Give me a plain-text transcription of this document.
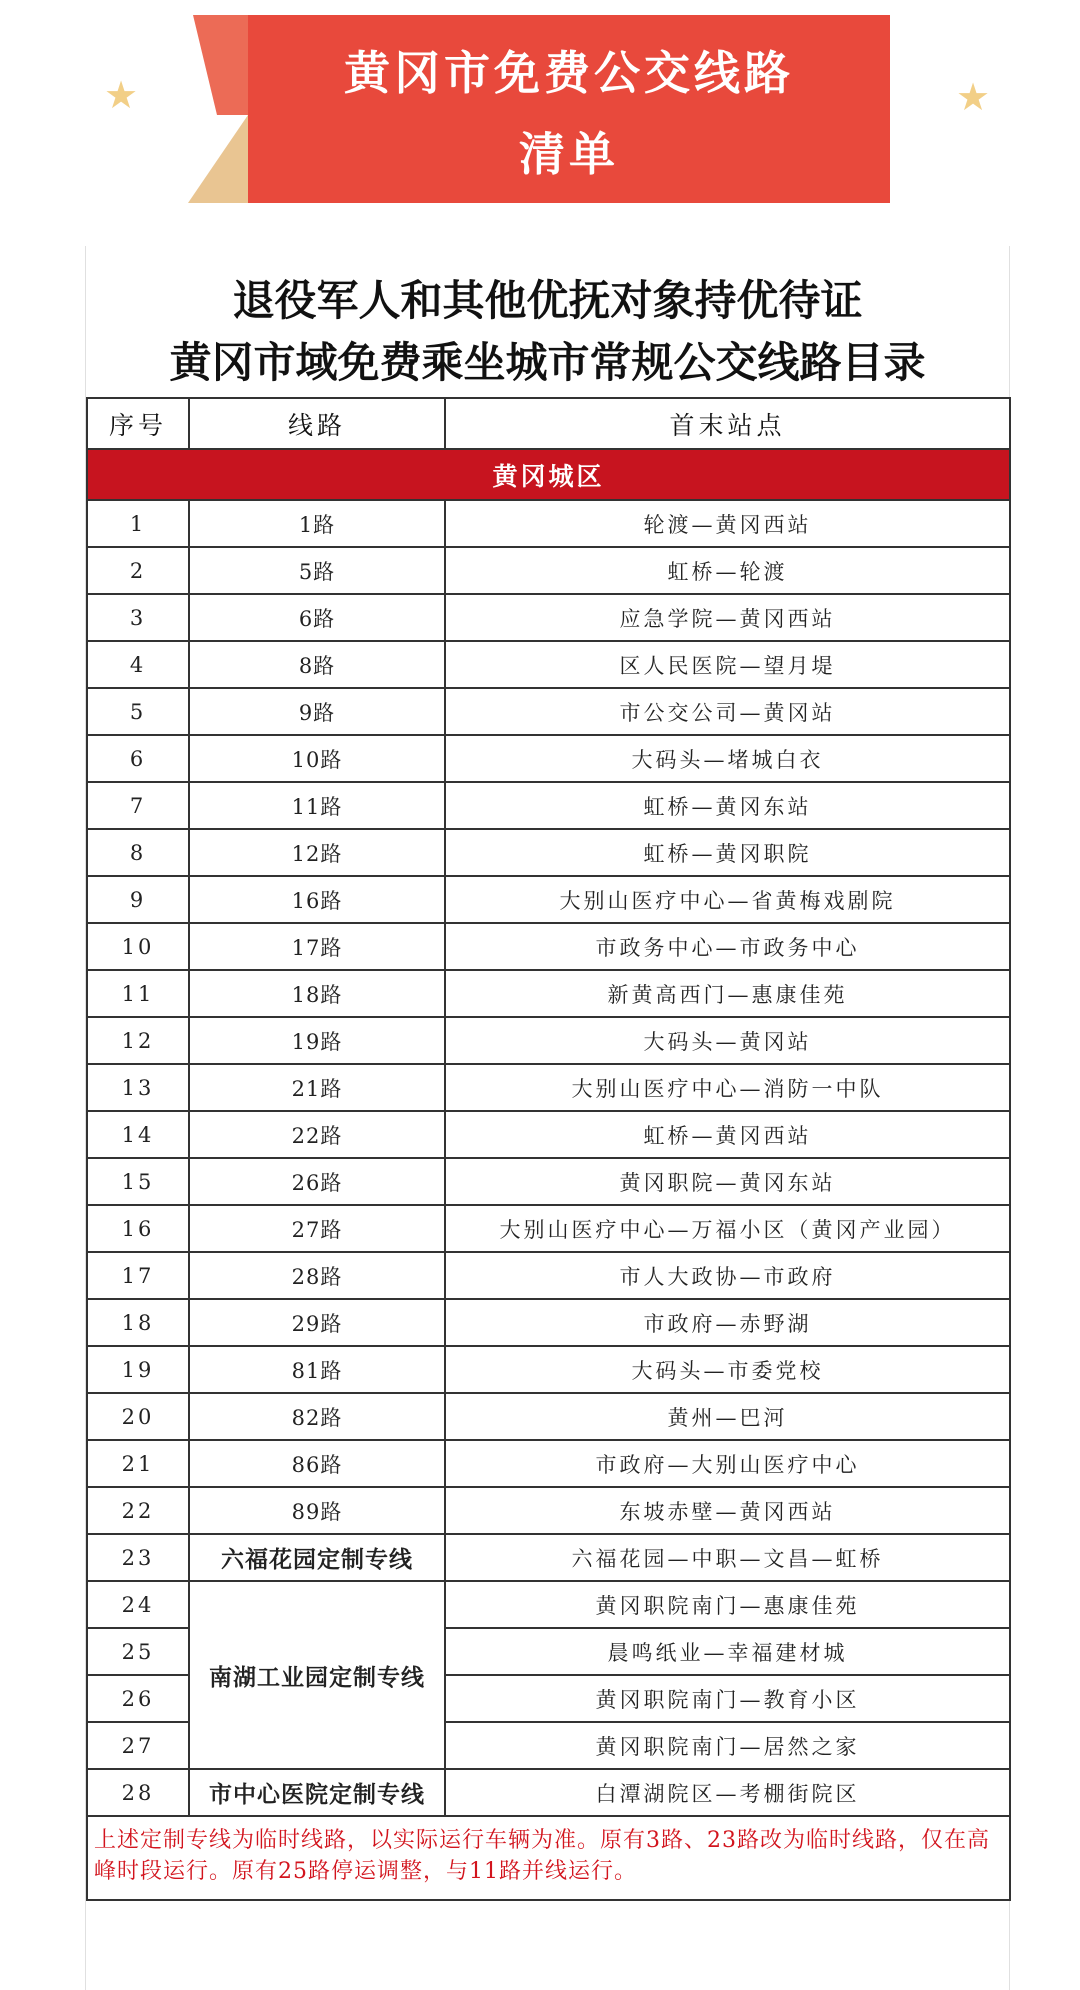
黄冈市免费公交线路
清单
★	★
退役军人和其他优抚对象持优待证
黄冈市域免费乘坐城市常规公交线路目录
序号	线路	首末站点
黄冈城区		
1	1路	轮渡—黄冈西站
2	5路	虹桥—轮渡
3	6路	应急学院—黄冈西站
4	8路	区人民医院—望月堤
5	9路	市公交公司—黄冈站
6	10路	大码头—堵城白衣
7	11路	虹桥—黄冈东站
8	12路	虹桥—黄冈职院
9	16路	大别山医疗中心—省黄梅戏剧院
10	17路	市政务中心—市政务中心
11	18路	新黄高西门—惠康佳苑
12	19路	大码头—黄冈站
13	21路	大别山医疗中心—消防一中队
14	22路	虹桥—黄冈西站
15	26路	黄冈职院—黄冈东站
16	27路	大别山医疗中心—万福小区（黄冈产业园）
17	28路	市人大政协—市政府
18	29路	市政府—赤野湖
19	81路	大码头—市委党校
20	82路	黄州—巴河
21	86路	市政府—大别山医疗中心
22	89路	东坡赤壁—黄冈西站
23	六福花园定制专线	六福花园—中职—文昌—虹桥
24	南湖工业园定制专线	黄冈职院南门—惠康佳苑
25		晨鸣纸业—幸福建材城
26		黄冈职院南门—教育小区
27		黄冈职院南门—居然之家
28	市中心医院定制专线	白潭湖院区—考棚街院区
上述定制专线为临时线路，以实际运行车辆为准。原有3路、23路改为临时线路，仅在高峰时段运行。原有25路停运调整，与11路并线运行。		
